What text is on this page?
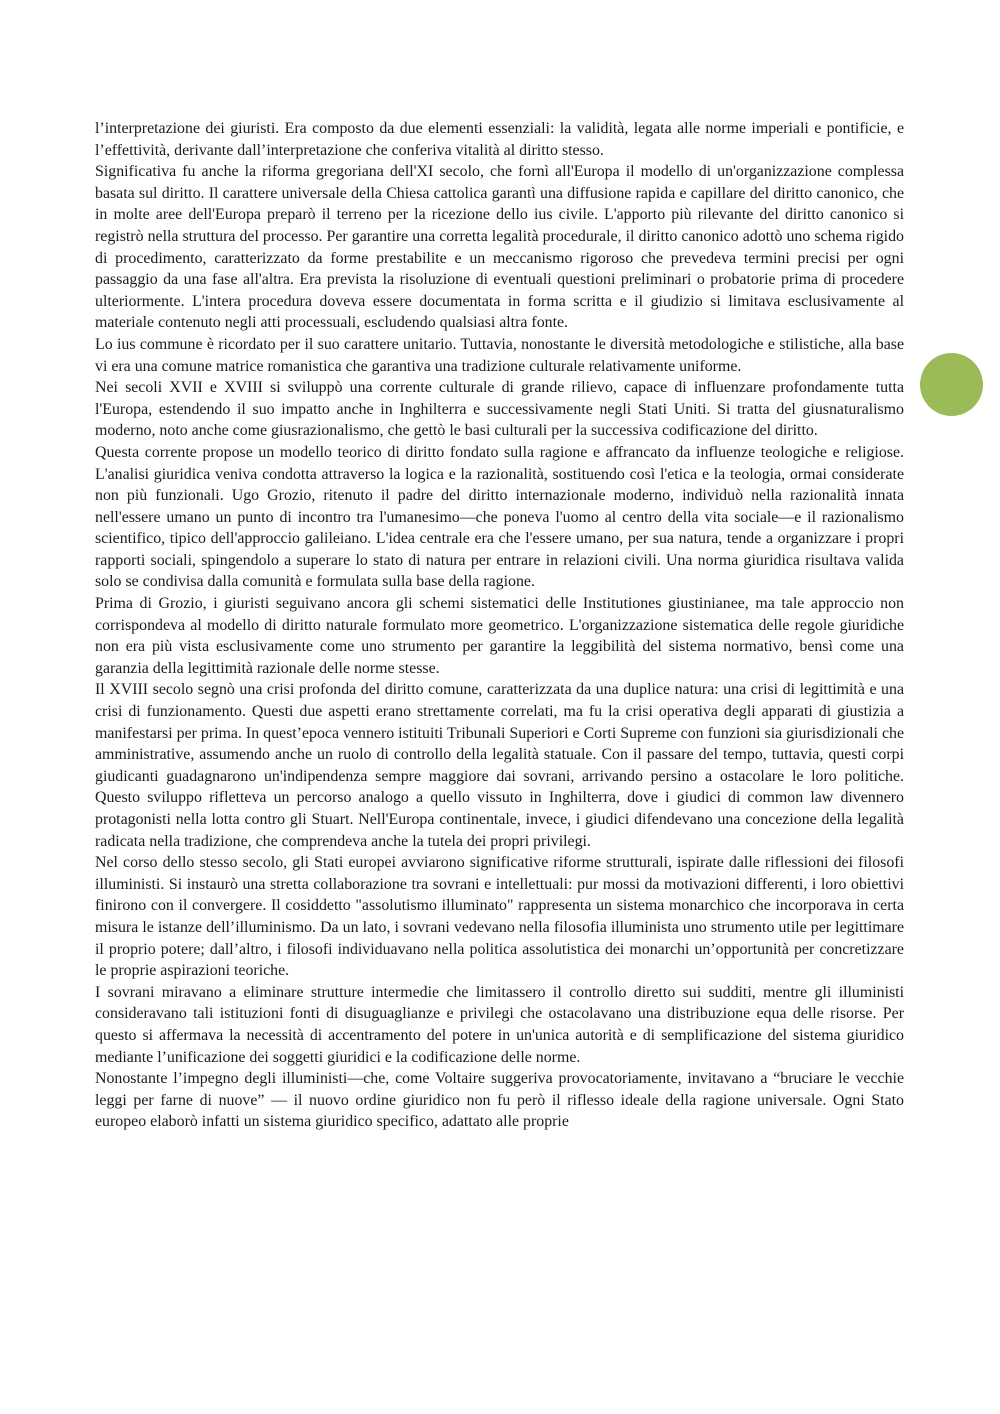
l’interpretazione dei giuristi. Era composto da due elementi essenziali: la validità, legata alle norme imperiali e pontificie, e l’effettività, derivante dall’interpretazione che conferiva vitalità al diritto stesso.

Significativa fu anche la riforma gregoriana dell'XI secolo, che fornì all'Europa il modello di un'organizzazione complessa basata sul diritto. Il carattere universale della Chiesa cattolica garantì una diffusione rapida e capillare del diritto canonico, che in molte aree dell'Europa preparò il terreno per la ricezione dello ius civile. L'apporto più rilevante del diritto canonico si registrò nella struttura del processo. Per garantire una corretta legalità procedurale, il diritto canonico adottò uno schema rigido di procedimento, caratterizzato da forme prestabilite e un meccanismo rigoroso che prevedeva termini precisi per ogni passaggio da una fase all'altra. Era prevista la risoluzione di eventuali questioni preliminari o probatorie prima di procedere ulteriormente. L'intera procedura doveva essere documentata in forma scritta e il giudizio si limitava esclusivamente al materiale contenuto negli atti processuali, escludendo qualsiasi altra fonte.

Lo ius commune è ricordato per il suo carattere unitario. Tuttavia, nonostante le diversità metodologiche e stilistiche, alla base vi era una comune matrice romanistica che garantiva una tradizione culturale relativamente uniforme.

Nei secoli XVII e XVIII si sviluppò una corrente culturale di grande rilievo, capace di influenzare profondamente tutta l'Europa, estendendo il suo impatto anche in Inghilterra e successivamente negli Stati Uniti. Si tratta del giusnaturalismo moderno, noto anche come giusrazionalismo, che gettò le basi culturali per la successiva codificazione del diritto.

Questa corrente propose un modello teorico di diritto fondato sulla ragione e affrancato da influenze teologiche e religiose. L'analisi giuridica veniva condotta attraverso la logica e la razionalità, sostituendo così l'etica e la teologia, ormai considerate non più funzionali. Ugo Grozio, ritenuto il padre del diritto internazionale moderno, individuò nella razionalità innata nell'essere umano un punto di incontro tra l'umanesimo—che poneva l'uomo al centro della vita sociale—e il razionalismo scientifico, tipico dell'approccio galileiano. L'idea centrale era che l'essere umano, per sua natura, tende a organizzare i propri rapporti sociali, spingendolo a superare lo stato di natura per entrare in relazioni civili. Una norma giuridica risultava valida solo se condivisa dalla comunità e formulata sulla base della ragione.

Prima di Grozio, i giuristi seguivano ancora gli schemi sistematici delle Institutiones giustinianee, ma tale approccio non corrispondeva al modello di diritto naturale formulato more geometrico. L'organizzazione sistematica delle regole giuridiche non era più vista esclusivamente come uno strumento per garantire la leggibilità del sistema normativo, bensì come una garanzia della legittimità razionale delle norme stesse.

Il XVIII secolo segnò una crisi profonda del diritto comune, caratterizzata da una duplice natura: una crisi di legittimità e una crisi di funzionamento. Questi due aspetti erano strettamente correlati, ma fu la crisi operativa degli apparati di giustizia a manifestarsi per prima. In quest’epoca vennero istituiti Tribunali Superiori e Corti Supreme con funzioni sia giurisdizionali che amministrative, assumendo anche un ruolo di controllo della legalità statuale. Con il passare del tempo, tuttavia, questi corpi giudicanti guadagnarono un'indipendenza sempre maggiore dai sovrani, arrivando persino a ostacolare le loro politiche. Questo sviluppo rifletteva un percorso analogo a quello vissuto in Inghilterra, dove i giudici di common law divennero protagonisti nella lotta contro gli Stuart. Nell'Europa continentale, invece, i giudici difendevano una concezione della legalità radicata nella tradizione, che comprendeva anche la tutela dei propri privilegi.

Nel corso dello stesso secolo, gli Stati europei avviarono significative riforme strutturali, ispirate dalle riflessioni dei filosofi illuministi. Si instaurò una stretta collaborazione tra sovrani e intellettuali: pur mossi da motivazioni differenti, i loro obiettivi finirono con il convergere. Il cosiddetto "assolutismo illuminato" rappresenta un sistema monarchico che incorporava in certa misura le istanze dell’illuminismo. Da un lato, i sovrani vedevano nella filosofia illuminista uno strumento utile per legittimare il proprio potere; dall’altro, i filosofi individuavano nella politica assolutistica dei monarchi un’opportunità per concretizzare le proprie aspirazioni teoriche.

I sovrani miravano a eliminare strutture intermedie che limitassero il controllo diretto sui sudditi, mentre gli illuministi consideravano tali istituzioni fonti di disuguaglianze e privilegi che ostacolavano una distribuzione equa delle risorse. Per questo si affermava la necessità di accentramento del potere in un'unica autorità e di semplificazione del sistema giuridico mediante l’unificazione dei soggetti giuridici e la codificazione delle norme.

Nonostante l’impegno degli illuministi—che, come Voltaire suggeriva provocatoriamente, invitavano a “bruciare le vecchie leggi per farne di nuove” — il nuovo ordine giuridico non fu però il riflesso ideale della ragione universale. Ogni Stato europeo elaborò infatti un sistema giuridico specifico, adattato alle proprie
